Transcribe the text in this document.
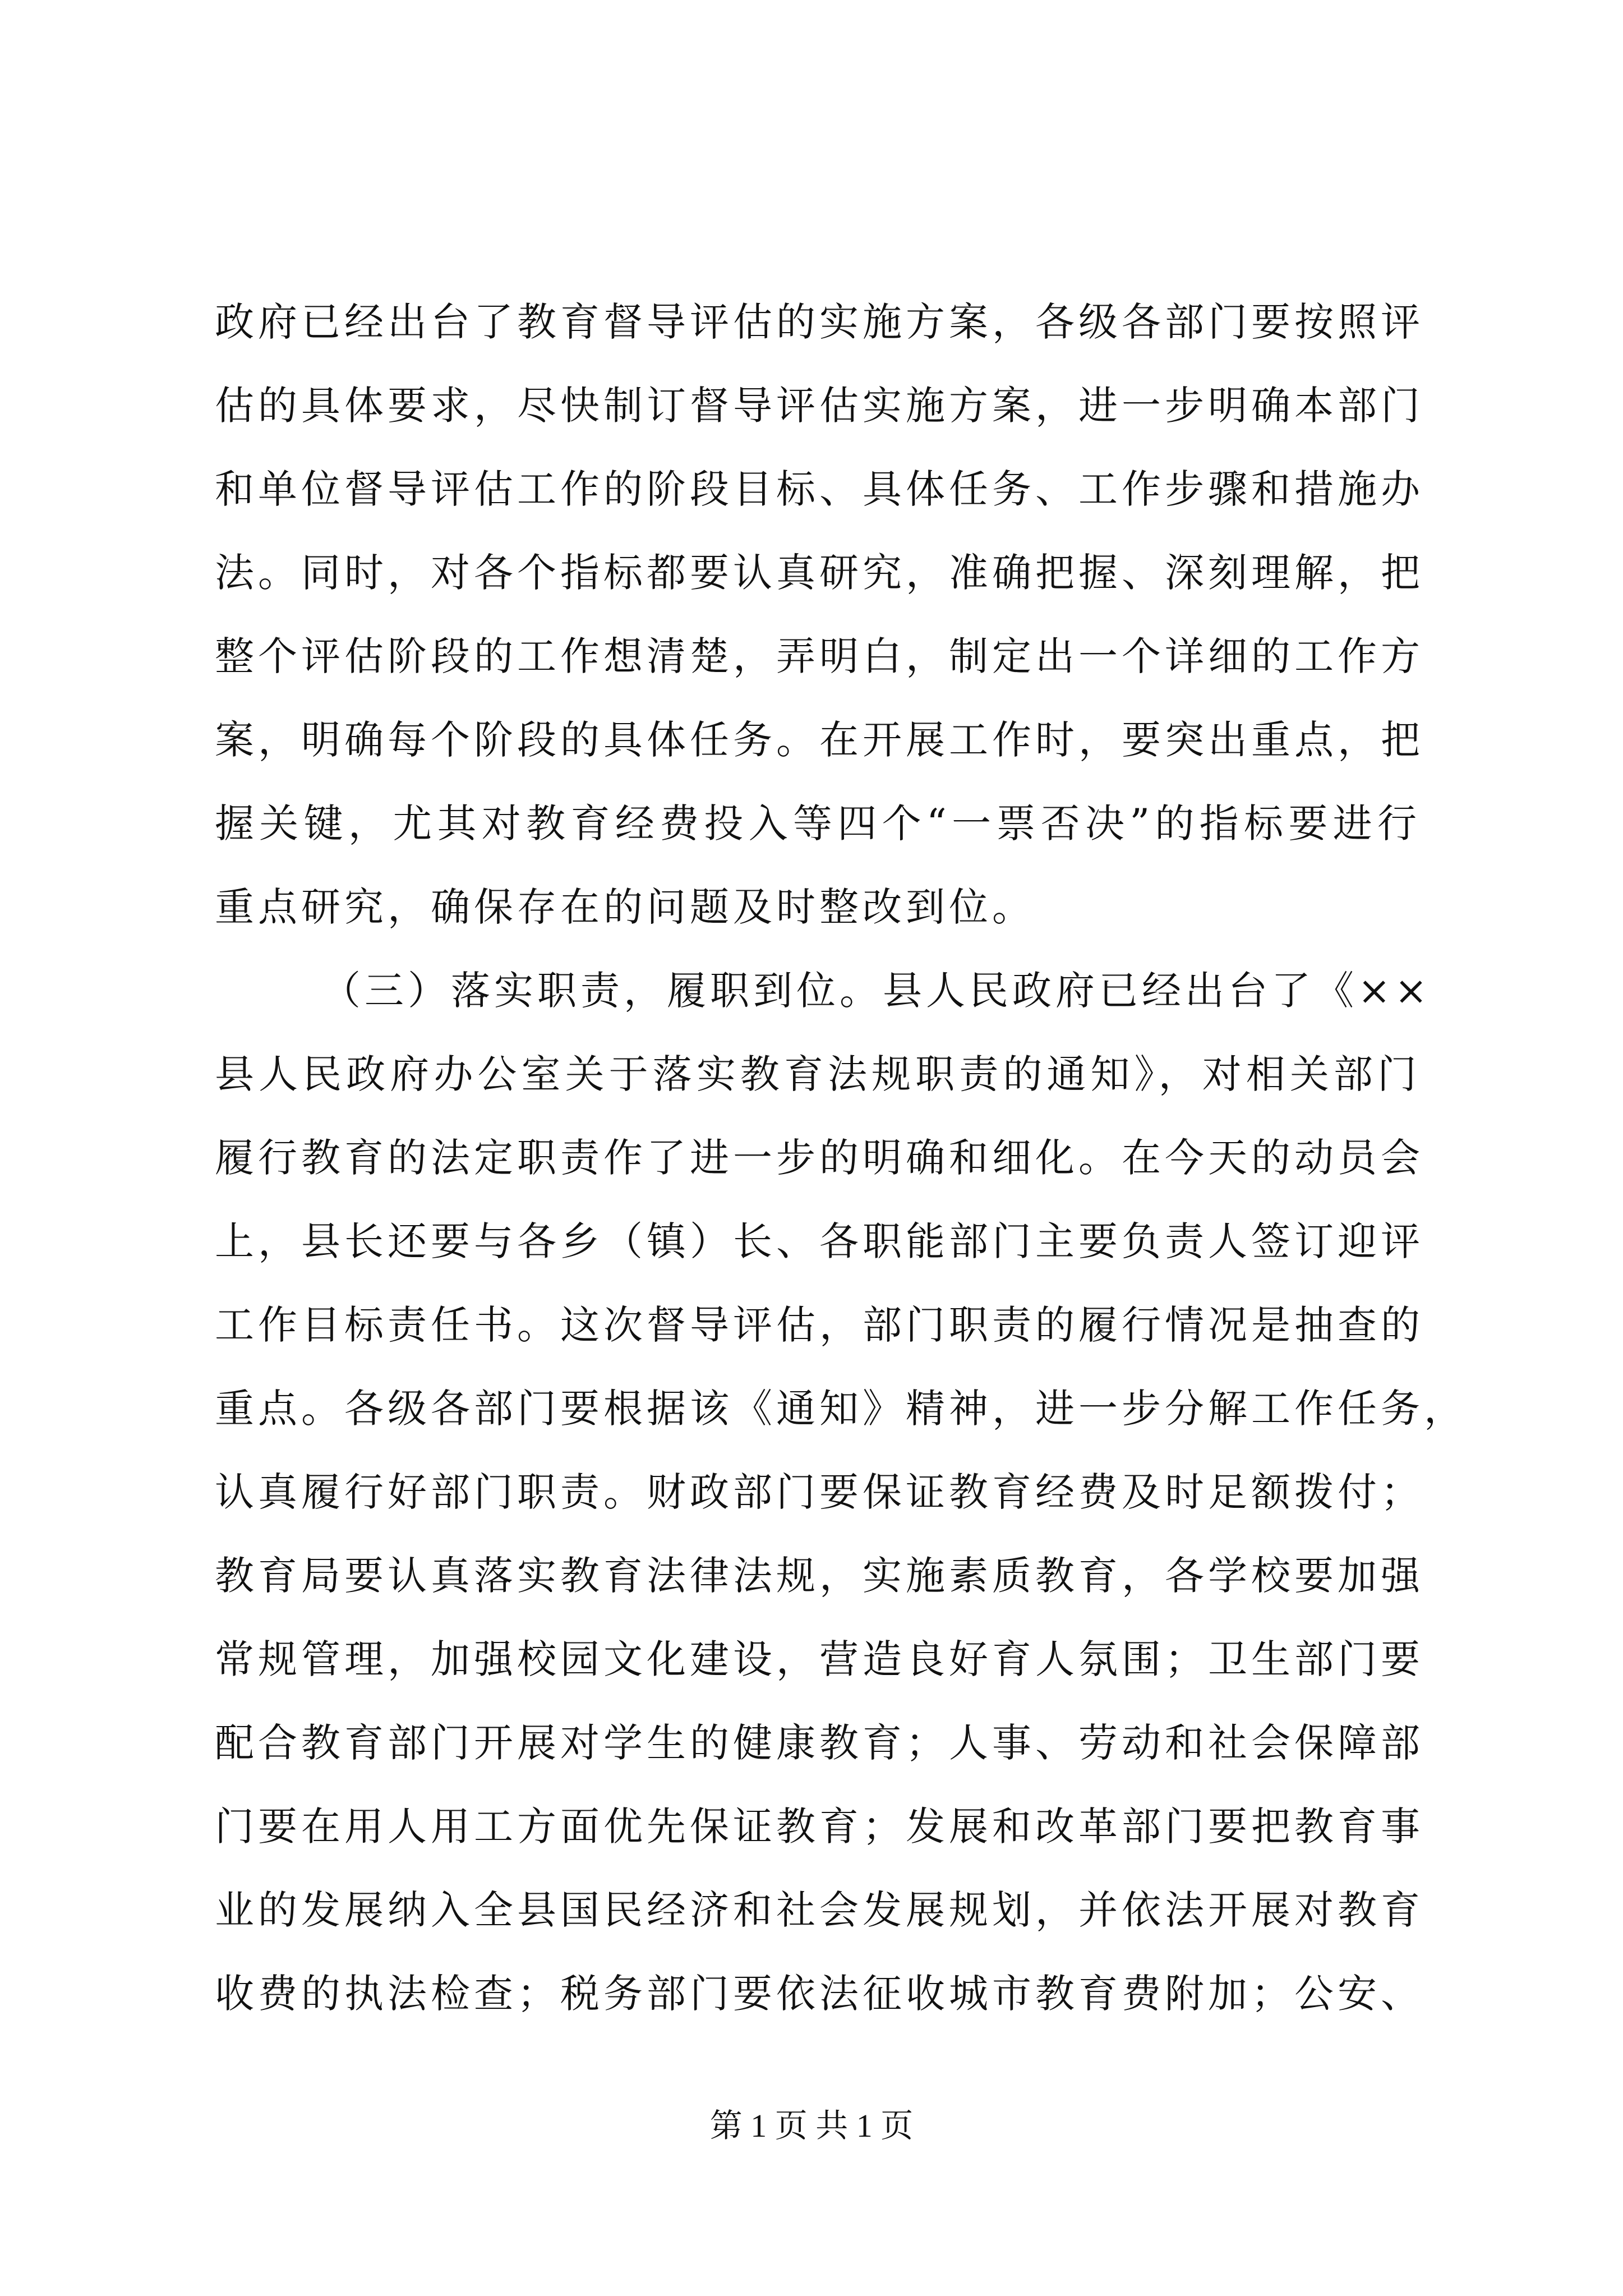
政府已经出台了教育督导评估的实施方案，各级各部门要按照评
估的具体要求，尽快制订督导评估实施方案，进一步明确本部门
和单位督导评估工作的阶段目标、具体任务、工作步骤和措施办
法。同时，对各个指标都要认真研究，准确把握、深刻理解，把
整个评估阶段的工作想清楚，弄明白，制定出一个详细的工作方
案，明确每个阶段的具体任务。在开展工作时，要突出重点，把
握关键，尤其对教育经费投入等四个“一票否决”的指标要进行
重点研究，确保存在的问题及时整改到位。
（三）落实职责，履职到位。县人民政府已经出台了《××
县人民政府办公室关于落实教育法规职责的通知》，对相关部门
履行教育的法定职责作了进一步的明确和细化。在今天的动员会
上，县长还要与各乡（镇）长、各职能部门主要负责人签订迎评
工作目标责任书。这次督导评估，部门职责的履行情况是抽查的
重点。各级各部门要根据该《通知》精神，进一步分解工作任务，
认真履行好部门职责。财政部门要保证教育经费及时足额拨付；
教育局要认真落实教育法律法规，实施素质教育，各学校要加强
常规管理，加强校园文化建设，营造良好育人氛围；卫生部门要
配合教育部门开展对学生的健康教育；人事、劳动和社会保障部
门要在用人用工方面优先保证教育；发展和改革部门要把教育事
业的发展纳入全县国民经济和社会发展规划，并依法开展对教育
收费的执法检查；税务部门要依法征收城市教育费附加；公安、
第 1 页 共 1 页
